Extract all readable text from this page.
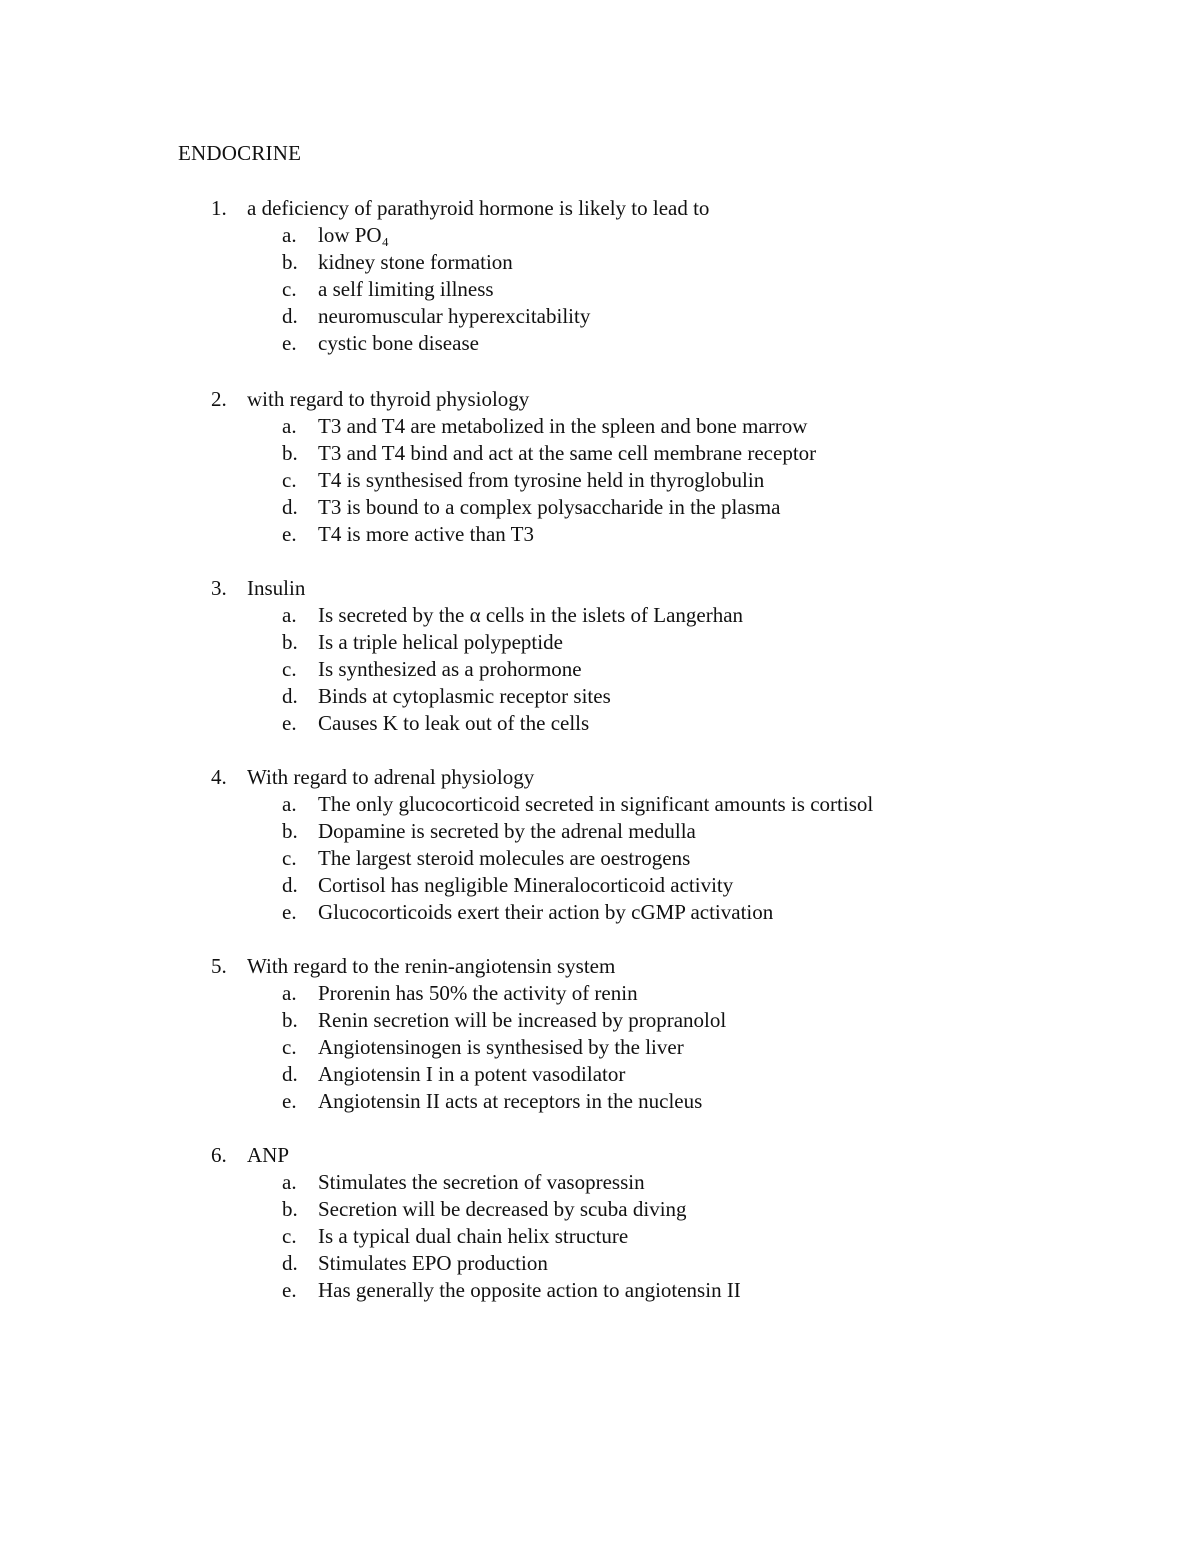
ENDOCRINE
1. a deficiency of parathyroid hormone is likely to lead to
a. low PO₄
b. kidney stone formation
c. a self limiting illness
d. neuromuscular hyperexcitability
e. cystic bone disease
2. with regard to thyroid physiology
a. T3 and T4 are metabolized in the spleen and bone marrow
b. T3 and T4 bind and act at the same cell membrane receptor
c. T4 is synthesised from tyrosine held in thyroglobulin
d. T3 is bound to a complex polysaccharide in the plasma
e. T4 is more active than T3
3. Insulin
a. Is secreted by the α cells in the islets of Langerhan
b. Is a triple helical polypeptide
c. Is synthesized as a prohormone
d. Binds at cytoplasmic receptor sites
e. Causes K to leak out of the cells
4. With regard to adrenal physiology
a. The only glucocorticoid secreted in significant amounts is cortisol
b. Dopamine is secreted by the adrenal medulla
c. The largest steroid molecules are oestrogens
d. Cortisol has negligible Mineralocorticoid activity
e. Glucocorticoids exert their action by cGMP activation
5. With regard to the renin-angiotensin system
a. Prorenin has 50% the activity of renin
b. Renin secretion will be increased by propranolol
c. Angiotensinogen is synthesised by the liver
d. Angiotensin I in a potent vasodilator
e. Angiotensin II acts at receptors in the nucleus
6. ANP
a. Stimulates the secretion of vasopressin
b. Secretion will be decreased by scuba diving
c. Is a typical dual chain helix structure
d. Stimulates EPO production
e. Has generally the opposite action to angiotensin II
